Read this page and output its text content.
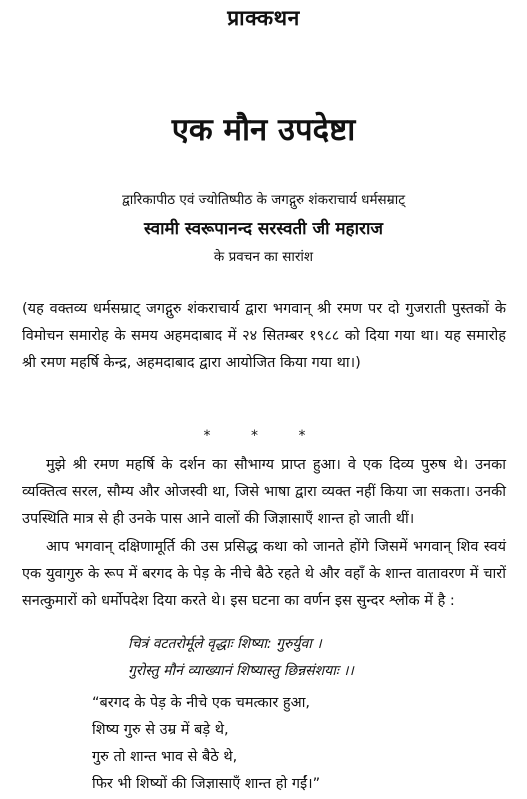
प्राक्कथन
एक मौन उपदेष्टा
द्वारिकापीठ एवं ज्योतिष्पीठ के जगद्गुरु शंकराचार्य धर्मसम्राट्
स्वामी स्वरूपानन्द सरस्वती जी महाराज
के प्रवचन का सारांश
(यह वक्तव्य धर्मसम्राट् जगद्गुरु शंकराचार्य द्वारा भगवान् श्री रमण पर दो गुजराती पुस्तकों के विमोचन समारोह के समय अहमदाबाद में २४ सितम्बर १९८८ को दिया गया था। यह समारोह श्री रमण महर्षि केन्द्र, अहमदाबाद द्वारा आयोजित किया गया था।)
* * *
मुझे श्री रमण महर्षि के दर्शन का सौभाग्य प्राप्त हुआ। वे एक दिव्य पुरुष थे। उनका व्यक्तित्व सरल, सौम्य और ओजस्वी था, जिसे भाषा द्वारा व्यक्त नहीं किया जा सकता। उनकी उपस्थिति मात्र से ही उनके पास आने वालों की जिज्ञासाएँ शान्त हो जाती थीं।
आप भगवान् दक्षिणामूर्ति की उस प्रसिद्ध कथा को जानते होंगे जिसमें भगवान् शिव स्वयं एक युवागुरु के रूप में बरगद के पेड़ के नीचे बैठे रहते थे और वहाँ के शान्त वातावरण में चारों सनत्कुमारों को धर्मोपदेश दिया करते थे। इस घटना का वर्णन इस सुन्दर श्लोक में है :
चित्रं वटतरोर्मूले वृद्धाः शिष्या: गुरुर्युवा ।
गुरोस्तु मौनं व्याख्यानं शिष्यास्तु छिन्नसंशयाः ।।
“बरगद के पेड़ के नीचे एक चमत्कार हुआ,
शिष्य गुरु से उम्र में बड़े थे,
गुरु तो शान्त भाव से बैठे थे,
फिर भी शिष्यों की जिज्ञासाएँ शान्त हो गईं।”
